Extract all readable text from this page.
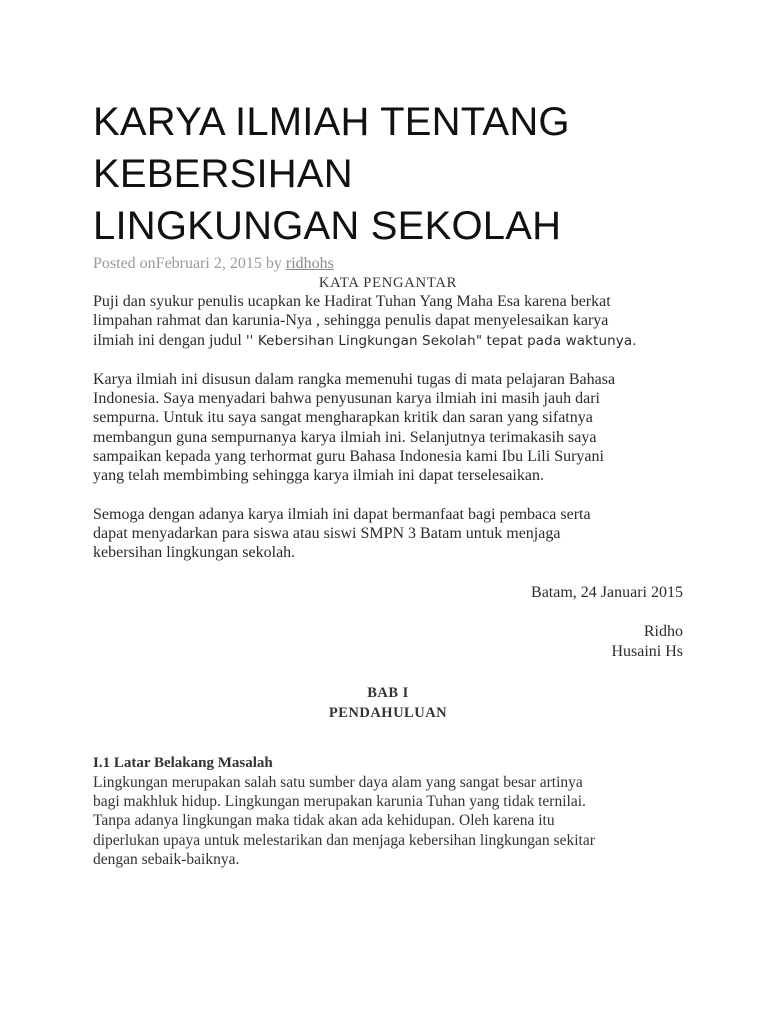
KARYA ILMIAH TENTANG
KEBERSIHAN
LINGKUNGAN SEKOLAH
Posted onFebruari 2, 2015 by ridhohs
KATA PENGANTAR

Puji dan syukur penulis ucapkan ke Hadirat Tuhan Yang Maha Esa karena berkat
limpahan rahmat dan karunia-Nya , sehingga penulis dapat menyelesaikan karya
ilmiah ini dengan judul '' Kebersihan Lingkungan Sekolah" tepat pada waktunya.

Karya ilmiah ini disusun dalam rangka memenuhi tugas di mata pelajaran Bahasa
Indonesia. Saya menyadari bahwa penyusunan karya ilmiah ini masih jauh dari
sempurna. Untuk itu saya sangat mengharapkan kritik dan saran yang sifatnya
membangun guna sempurnanya karya ilmiah ini. Selanjutnya terimakasih saya
sampaikan kepada yang terhormat guru Bahasa Indonesia kami Ibu Lili Suryani
yang telah membimbing sehingga karya ilmiah ini dapat terselesaikan.

Semoga dengan adanya karya ilmiah ini dapat bermanfaat bagi pembaca serta
dapat menyadarkan para siswa atau siswi SMPN 3 Batam untuk menjaga
kebersihan lingkungan sekolah.

Batam, 24 Januari 2015
Ridho
Husaini Hs
BAB I
PENDAHULUAN
I.1 Latar Belakang Masalah

Lingkungan merupakan salah satu sumber daya alam yang sangat besar artinya
bagi makhluk hidup. Lingkungan merupakan karunia Tuhan yang tidak ternilai.
Tanpa adanya lingkungan maka tidak akan ada kehidupan. Oleh karena itu
diperlukan upaya untuk melestarikan dan menjaga kebersihan lingkungan sekitar
dengan sebaik-baiknya.
